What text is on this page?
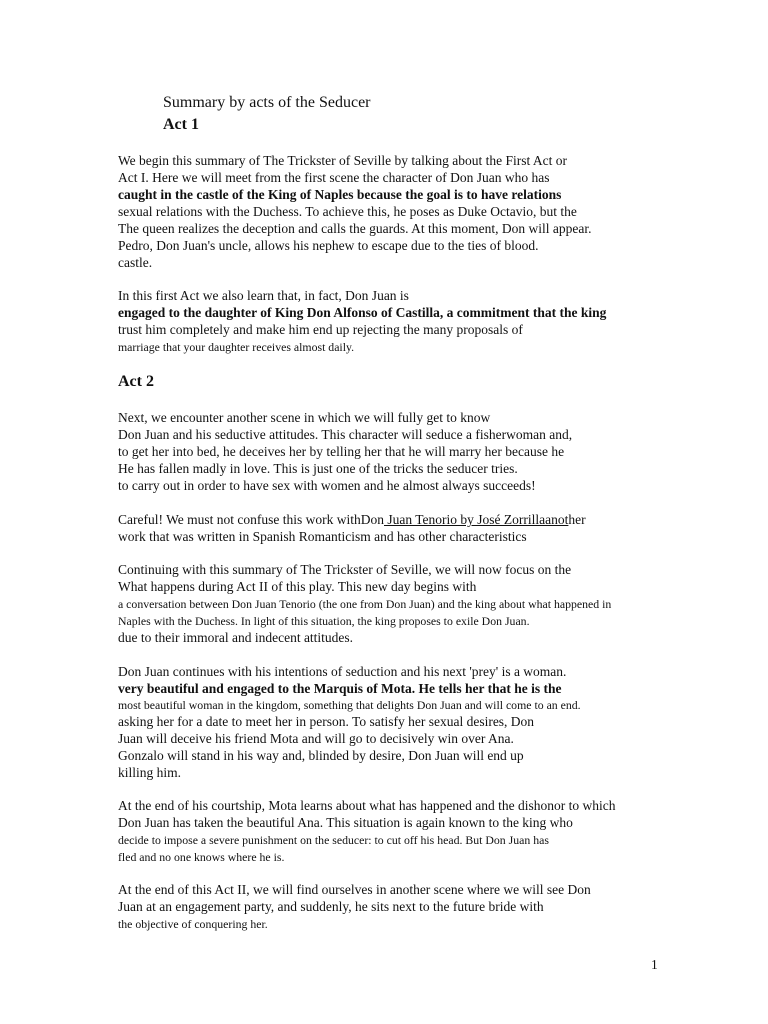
Summary by acts of the Seducer
Act 1
We begin this summary of The Trickster of Seville by talking about the First Act or
Act I. Here we will meet from the first scene the character of Don Juan who has
caught in the castle of the King of Naples because the goal is to have relations
sexual relations with the Duchess. To achieve this, he poses as Duke Octavio, but the
The queen realizes the deception and calls the guards. At this moment, Don will appear.
Pedro, Don Juan's uncle, allows his nephew to escape due to the ties of blood.
castle.
In this first Act we also learn that, in fact, Don Juan is
engaged to the daughter of King Don Alfonso of Castilla, a commitment that the king
trust him completely and make him end up rejecting the many proposals of
marriage that your daughter receives almost daily.
Act 2
Next, we encounter another scene in which we will fully get to know
Don Juan and his seductive attitudes. This character will seduce a fisherwoman and,
to get her into bed, he deceives her by telling her that he will marry her because he
He has fallen madly in love. This is just one of the tricks the seducer tries.
to carry out in order to have sex with women and he almost always succeeds!
Careful! We must not confuse this work withDon Juan Tenorio by José Zorrillaanother
work that was written in Spanish Romanticism and has other characteristics
Continuing with this summary of The Trickster of Seville, we will now focus on the
What happens during Act II of this play. This new day begins with
a conversation between Don Juan Tenorio (the one from Don Juan) and the king about what happened in
Naples with the Duchess. In light of this situation, the king proposes to exile Don Juan.
due to their immoral and indecent attitudes.
Don Juan continues with his intentions of seduction and his next 'prey' is a woman.
very beautiful and engaged to the Marquis of Mota. He tells her that he is the
most beautiful woman in the kingdom, something that delights Don Juan and will come to an end.
asking her for a date to meet her in person. To satisfy her sexual desires, Don
Juan will deceive his friend Mota and will go to decisively win over Ana.
Gonzalo will stand in his way and, blinded by desire, Don Juan will end up
killing him.
At the end of his courtship, Mota learns about what has happened and the dishonor to which
Don Juan has taken the beautiful Ana. This situation is again known to the king who
decide to impose a severe punishment on the seducer: to cut off his head. But Don Juan has
fled and no one knows where he is.
At the end of this Act II, we will find ourselves in another scene where we will see Don
Juan at an engagement party, and suddenly, he sits next to the future bride with
the objective of conquering her.
1
